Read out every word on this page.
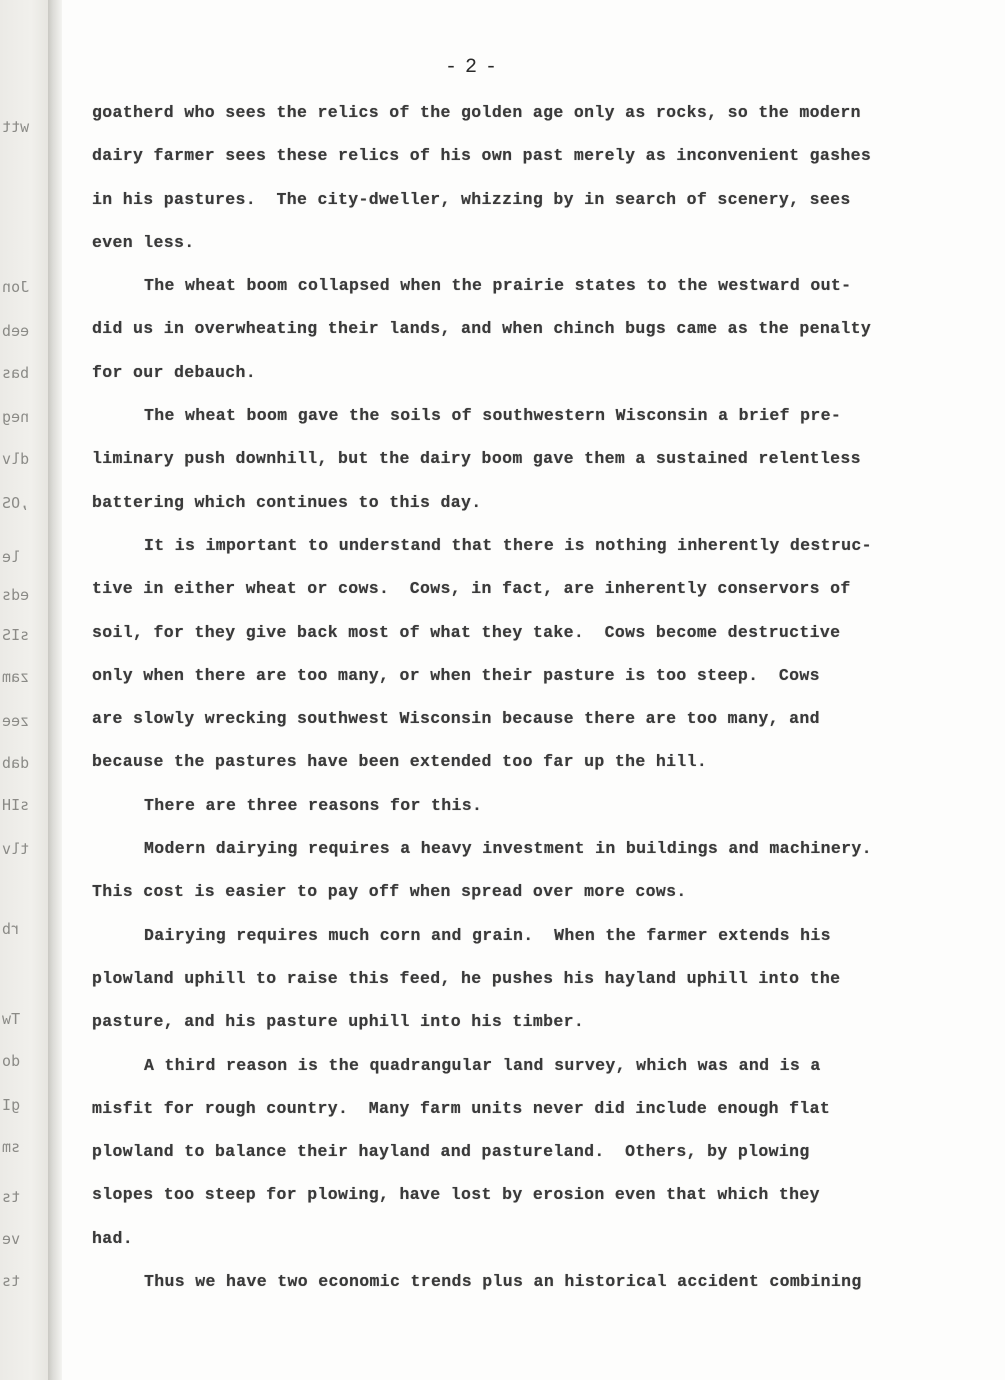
wtt
Jon
eeb
bas
neg
dlv
,OS
le
eds
sIS
zam
zee
dab
sIH
tlv
rb
Tw
do
gI
sm
ts
ve
ts
- 2 -
goatherd who sees the relics of the golden age only as rocks, so the modern
dairy farmer sees these relics of his own past merely as inconvenient gashes
in his pastures.  The city-dweller, whizzing by in search of scenery, sees
even less.
The wheat boom collapsed when the prairie states to the westward out-
did us in overwheating their lands, and when chinch bugs came as the penalty
for our debauch.
The wheat boom gave the soils of southwestern Wisconsin a brief pre-
liminary push downhill, but the dairy boom gave them a sustained relentless
battering which continues to this day.
It is important to understand that there is nothing inherently destruc-
tive in either wheat or cows.  Cows, in fact, are inherently conservors of
soil, for they give back most of what they take.  Cows become destructive
only when there are too many, or when their pasture is too steep.  Cows
are slowly wrecking southwest Wisconsin because there are too many, and
because the pastures have been extended too far up the hill.
There are three reasons for this.
Modern dairying requires a heavy investment in buildings and machinery.
This cost is easier to pay off when spread over more cows.
Dairying requires much corn and grain.  When the farmer extends his
plowland uphill to raise this feed, he pushes his hayland uphill into the
pasture, and his pasture uphill into his timber.
A third reason is the quadrangular land survey, which was and is a
misfit for rough country.  Many farm units never did include enough flat
plowland to balance their hayland and pastureland.  Others, by plowing
slopes too steep for plowing, have lost by erosion even that which they
had.
Thus we have two economic trends plus an historical accident combining
